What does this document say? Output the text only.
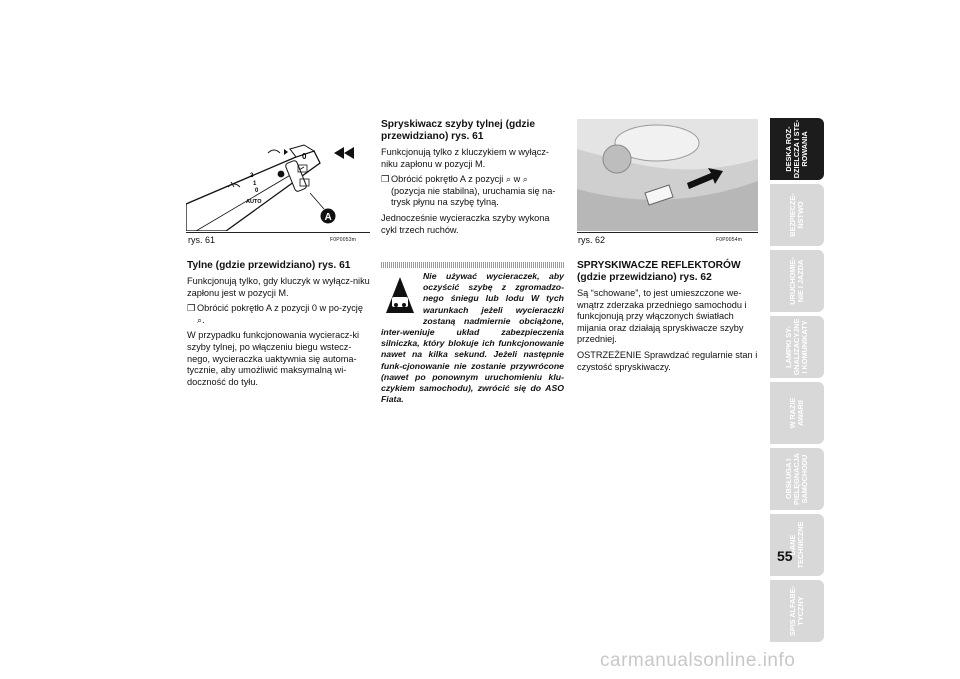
2
1
0
AUTO
0
A
rys. 61	F0P0053m	rys. 62	F0P0054m
Tylne (gdzie przewidziano) rys. 61

Funkcjonują tylko, gdy kluczyk w wyłącz-niku zapłonu jest w pozycji M.

❒ Obrócić pokrętło A z pozycji 0 w po-zycję ⌕.

W przypadku funkcjonowania wycieracz-ki szyby tylnej, po włączeniu biegu wstecz-nego, wycieraczka uaktywnia się automa-tycznie, aby umożliwić maksymalną wi-doczność do tyłu.

Spryskiwacz szyby tylnej (gdzie przewidziano) rys. 61

Funkcjonują tylko z kluczykiem w wyłącz-niku zapłonu w pozycji M.

❒ Obrócić pokrętło A z pozycji ⌕ w ⌕ (pozycja nie stabilna), uruchamia się na-trysk płynu na szybę tylną.

Jednocześnie wycieraczka szyby wykona cykl trzech ruchów.

Nie używać wycieraczek, aby oczyścić szybę z zgromadzo-nego śniegu lub lodu W tych warunkach jeżeli wycieraczki zostaną nadmiernie obciążone, inter-weniuje układ zabezpieczenia silniczka, który blokuje ich funkcjonowanie nawet na kilka sekund. Jeżeli następnie funk-cjonowanie nie zostanie przywrócone (nawet po ponownym uruchomieniu klu-czykiem samochodu), zwrócić się do ASO Fiata.
SPRYSKIWACZE REFLEKTORÓW (gdzie przewidziano) rys. 62

Są “schowane”, to jest umieszczone we-wnątrz zderzaka przedniego samochodu i funkcjonują przy włączonych światłach mijania oraz działają spryskiwacze szyby przedniej.

OSTRZEŻENIE Sprawdzać regularnie stan i czystość spryskiwaczy.

DESKA ROZ-
DZIELCZA I STE-
ROWANIA
BEZPIECZE-
ŃSTWO
URUCHOMIE-
NIE I JAZDA
LAMPKI SY-
GNALIZACYJNE
I KOMUNIKATY
W RAZIE
AWARII
OBSŁUGA I
PIELĘGNACJA
SAMOCHODU
DANE
TECHNICZNE
SPIS ALFABE-
TYCZNY
55
carmanualsonline.info
